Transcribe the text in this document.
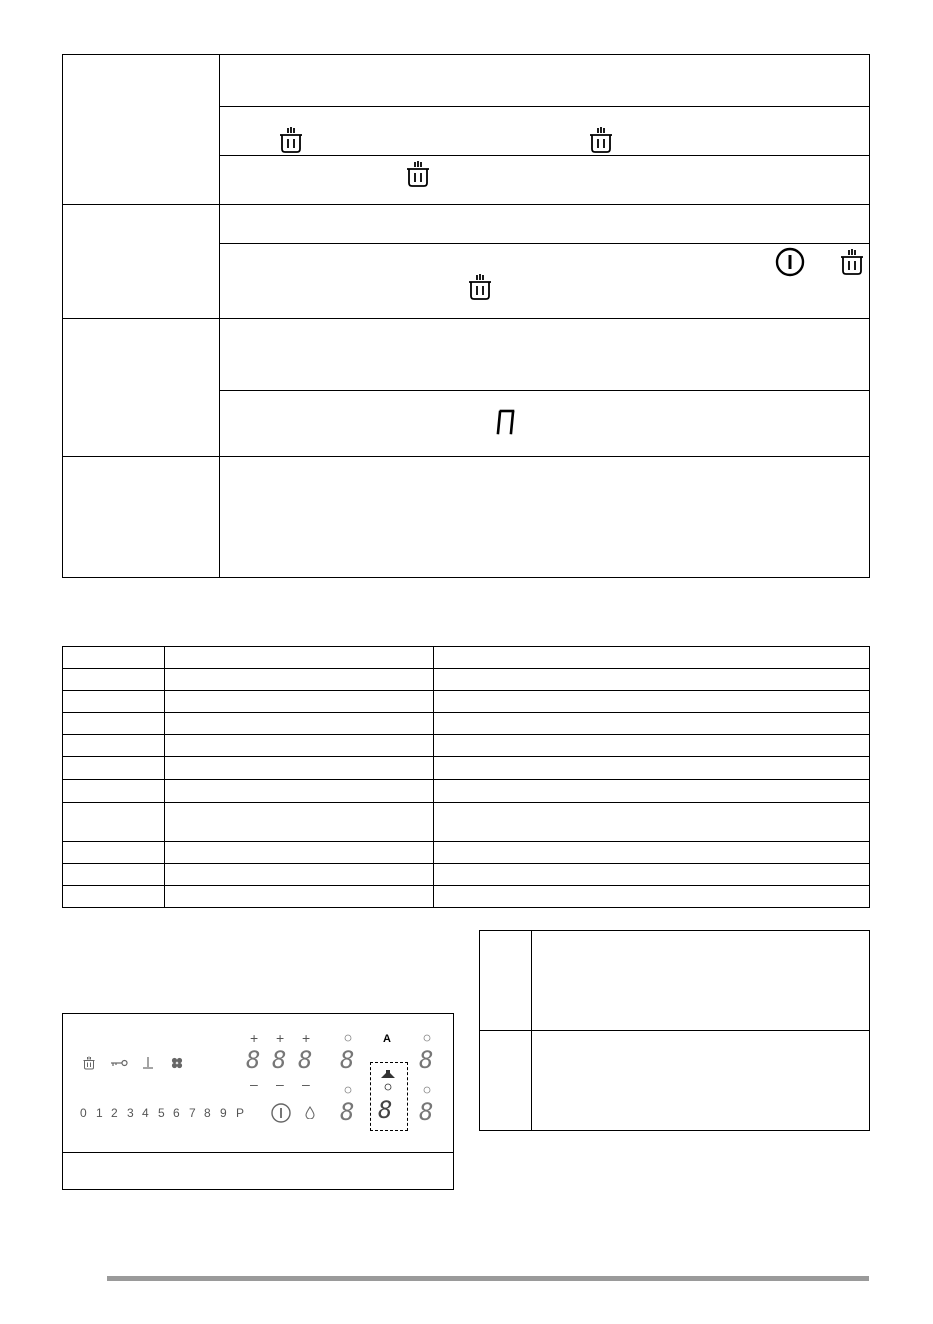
0 1 2 3 4 5 6 7 8 9 P
+ + +
– – –
8 8 8 8
8
8
8
A
8
